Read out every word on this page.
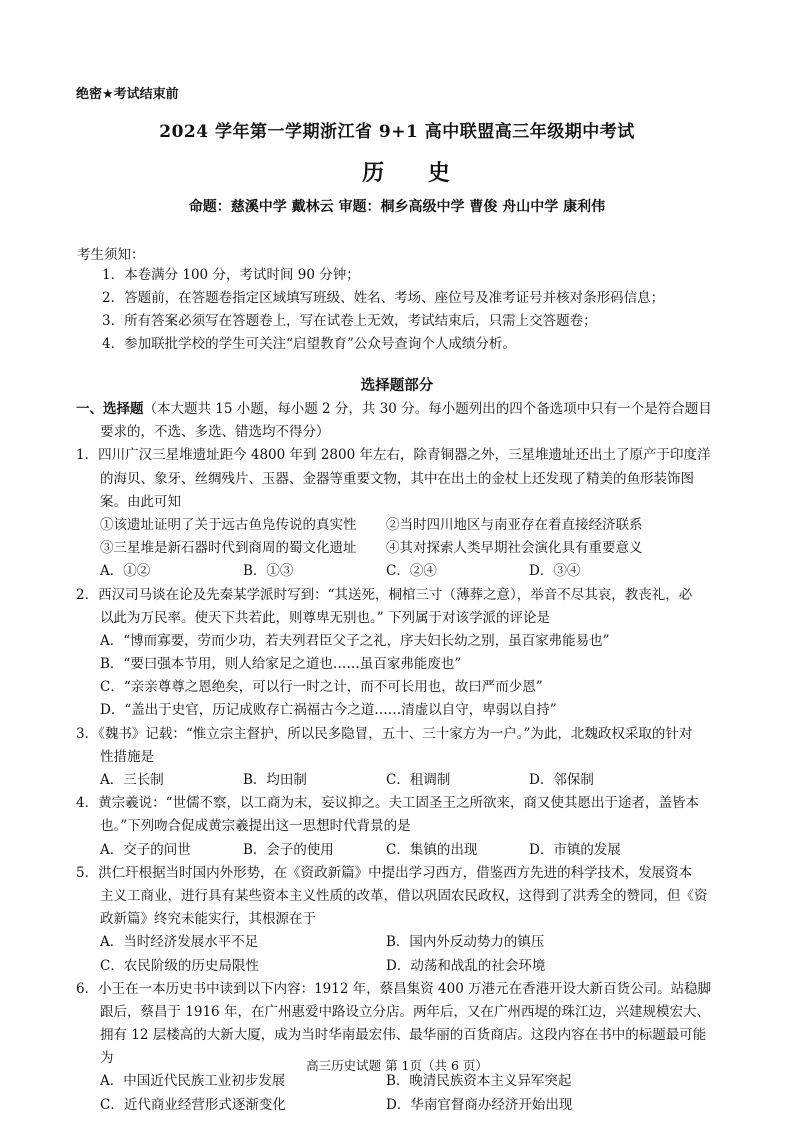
绝密★考试结束前
2024 学年第一学期浙江省 9+1 高中联盟高三年级期中考试
历 史
命题：慈溪中学 戴林云 审题：桐乡高级中学 曹俊 舟山中学 康利伟
考生须知：
1．本卷满分 100 分，考试时间 90 分钟；
2．答题前，在答题卷指定区域填写班级、姓名、考场、座位号及准考证号并核对条形码信息；
3．所有答案必须写在答题卷上，写在试卷上无效，考试结束后，只需上交答题卷；
4．参加联批学校的学生可关注“启望教育”公众号查询个人成绩分析。
选择题部分
一、选择题（本大题共 15 小题，每小题 2 分，共 30 分。每小题列出的四个备选项中只有一个是符合题目
要求的，不选、多选、错选均不得分）
1．四川广汉三星堆遗址距今 4800 年到 2800 年左右，除青铜器之外，三星堆遗址还出土了原产于印度洋
的海贝、象牙、丝绸残片、玉器、金器等重要文物，其中在出土的金杖上还发现了精美的鱼形装饰图
案。由此可知
①该遗址证明了关于远古鱼凫传说的真实性	②当时四川地区与南亚存在着直接经济联系
③三星堆是新石器时代到商周的蜀文化遗址	④其对探索人类早期社会演化具有重要意义
A．①②	B．①③	C．②④	D．③④
2．西汉司马谈在论及先秦某学派时写到：“其送死，桐棺三寸（薄葬之意），举音不尽其哀，教丧礼，必
以此为万民率。使天下共若此，则尊卑无别也。” 下列属于对该学派的评论是
A．“博而寡要，劳而少功，若夫列君臣父子之礼，序夫妇长幼之别，虽百家弗能易也”
B．“要曰强本节用，则人给家足之道也……虽百家弗能废也”
C．“亲亲尊尊之恩绝矣，可以行一时之计，而不可长用也，故曰严而少恩”
D．“盖出于史官，历记成败存亡祸福古今之道……清虚以自守，卑弱以自持”
3．《魏书》记载：“惟立宗主督护，所以民多隐冒，五十、三十家方为一户。”为此，北魏政权采取的针对
性措施是
A．三长制	B．均田制	C．租调制	D．邻保制
4．黄宗羲说：“世儒不察，以工商为末，妄议抑之。夫工固圣王之所欲来，商又使其愿出于途者，盖皆本
也。”下列吻合促成黄宗羲提出这一思想时代背景的是
A．交子的问世	B．会子的使用	C．集镇的出现	D．市镇的发展
5．洪仁玕根据当时国内外形势，在《资政新篇》中提出学习西方，借鉴西方先进的科学技术，发展资本
主义工商业，进行具有某些资本主义性质的改革，借以巩固农民政权，这得到了洪秀全的赞同，但《资
政新篇》终究未能实行，其根源在于
A．当时经济发展水平不足	B．国内外反动势力的镇压
C．农民阶级的历史局限性	D．动荡和战乱的社会环境
6．小王在一本历史书中读到以下内容：1912 年，蔡昌集资 400 万港元在香港开设大新百货公司。站稳脚
跟后，蔡昌于 1916 年，在广州惠爱中路设立分店。两年后，又在广州西堤的珠江边，兴建规模宏大、
拥有 12 层楼高的大新大厦，成为当时华南最宏伟、最华丽的百货商店。这段内容在书中的标题最可能
为
A．中国近代民族工业初步发展	B．晚清民族资本主义异军突起
C．近代商业经营形式逐渐变化	D．华南官督商办经济开始出现
高三历史试题 第 1页（共 6 页）
